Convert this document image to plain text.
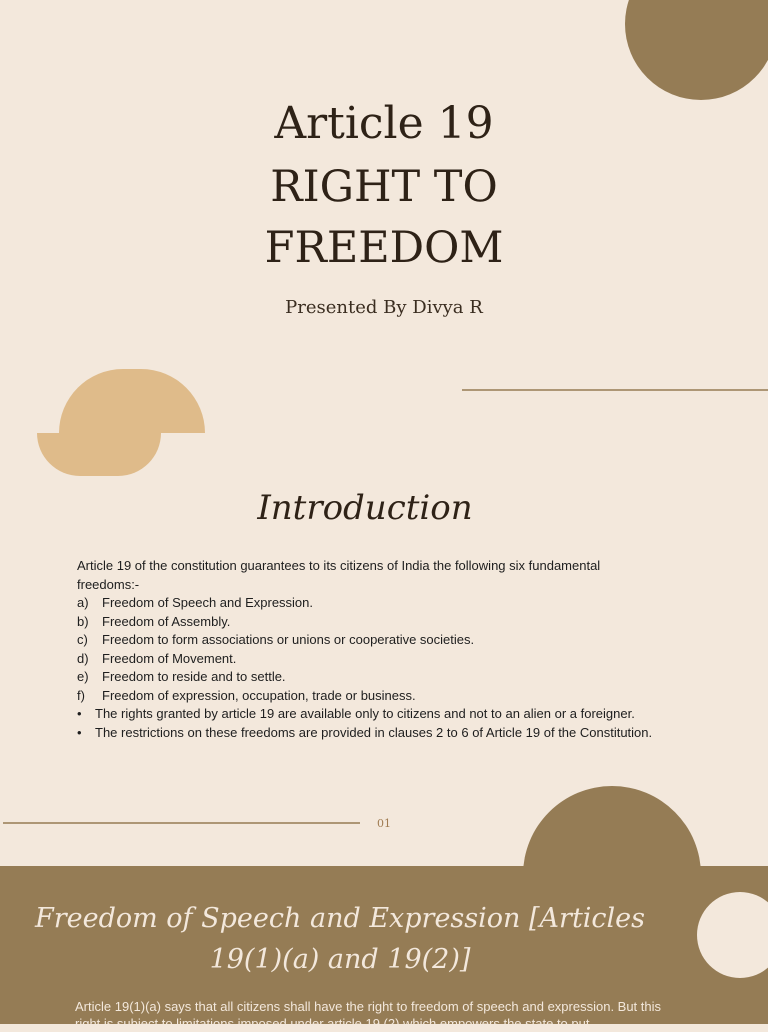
Article 19
RIGHT TO
FREEDOM
Presented By Divya R
Introduction

Article 19 of the constitution guarantees to its citizens of India the following six fundamental freedoms:-

a)	Freedom of Speech and Expression.
b)	Freedom of Assembly.
c)	Freedom to form associations or unions or cooperative societies.
d)	Freedom of Movement.
e)	Freedom to reside and to settle.
f)	Freedom of expression, occupation, trade or business.
•	The rights granted by article 19 are available only to citizens and not to an alien or a foreigner.
•	The restrictions on these freedoms are provided in clauses 2 to 6 of Article 19 of the Constitution.
01
Freedom of Speech and Expression [Articles
19(1)(a) and 19(2)]
Article 19(1)(a) says that all citizens shall have the right to freedom of speech and expression. But this right is subject to limitations imposed under article 19 (2) which empowers the state to put
